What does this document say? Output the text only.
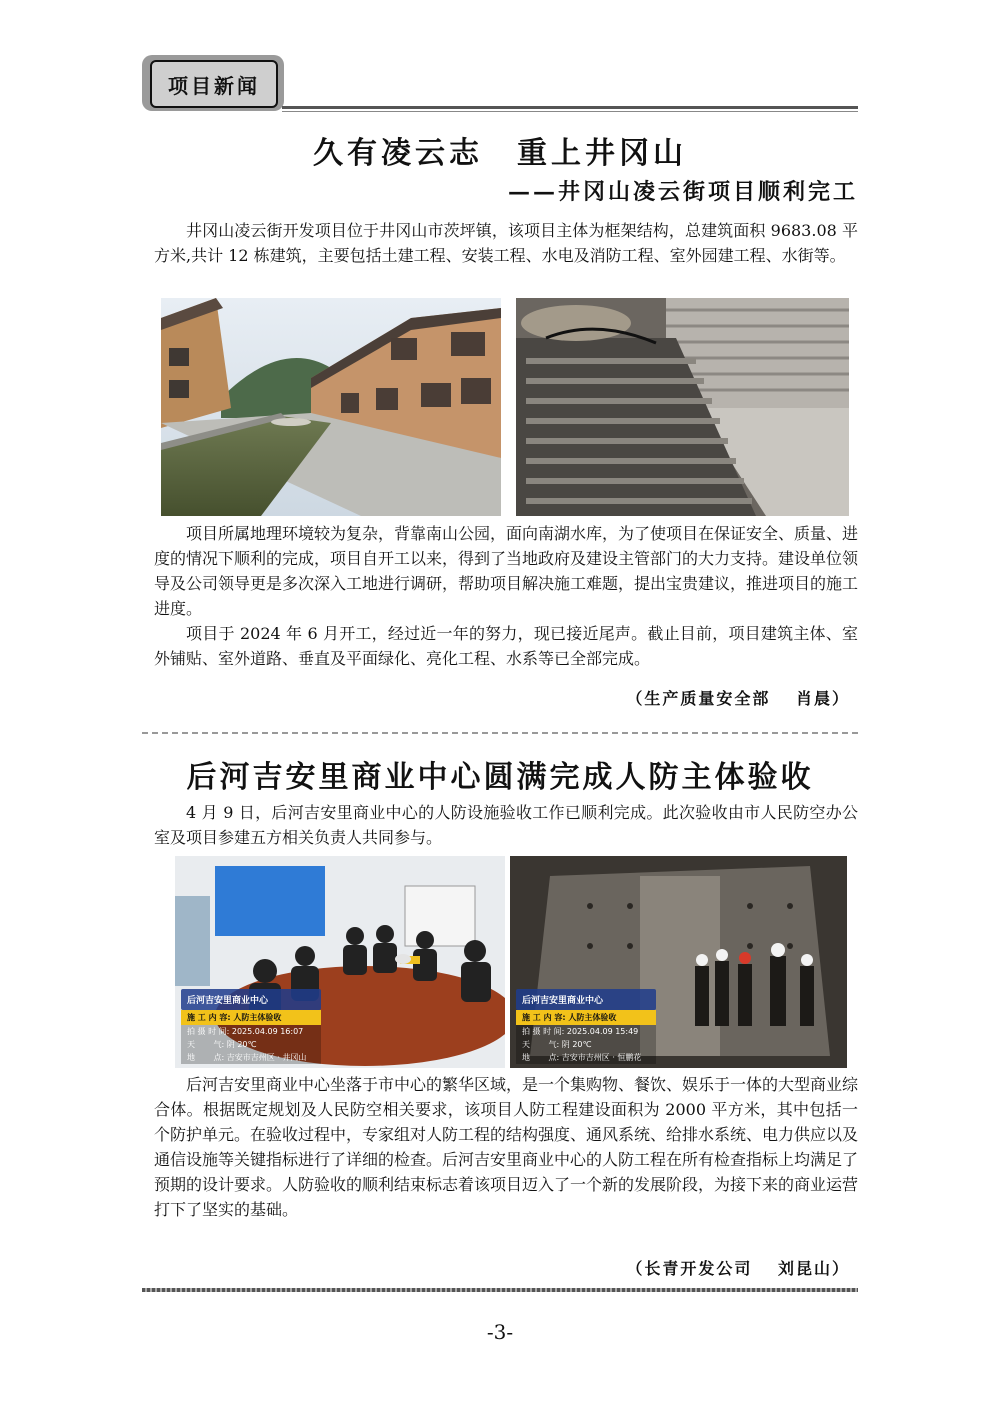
项目新闻
久有凌云志　重上井冈山
——井冈山凌云街项目顺利完工

井冈山凌云街开发项目位于井冈山市茨坪镇，该项目主体为框架结构，总建筑面积 9683.08 平方米,共计 12 栋建筑，主要包括土建工程、安装工程、水电及消防工程、室外园建工程、水街等。

项目所属地理环境较为复杂，背靠南山公园，面向南湖水库，为了使项目在保证安全、质量、进度的情况下顺利的完成，项目自开工以来，得到了当地政府及建设主管部门的大力支持。建设单位领导及公司领导更是多次深入工地进行调研，帮助项目解决施工难题，提出宝贵建议，推进项目的施工进度。

项目于 2024 年 6 月开工，经过近一年的努力，现已接近尾声。截止目前，项目建筑主体、室外铺贴、室外道路、垂直及平面绿化、亮化工程、水系等已全部完成。

（生产质量安全部　 肖晨）
后河吉安里商业中心圆满完成人防主体验收

4 月 9 日，后河吉安里商业中心的人防设施验收工作已顺利完成。此次验收由市人民防空办公室及项目参建五方相关负责人共同参与。

后河吉安里商业中心
施 工 内 容: 人防主体验收
拍 摄 时 间: 2025.04.09 16:07
天　　 气: 阴 20℃
地　　 点: 吉安市吉州区 · 井冈山
后河吉安里商业中心
施 工 内 容: 人防主体验收
拍 摄 时 间: 2025.04.09 15:49
天　　 气: 阴 20℃
地　　 点: 吉安市吉州区 · 恒鹏花

后河吉安里商业中心坐落于市中心的繁华区域，是一个集购物、餐饮、娱乐于一体的大型商业综合体。根据既定规划及人民防空相关要求，该项目人防工程建设面积为 2000 平方米，其中包括一个防护单元。在验收过程中，专家组对人防工程的结构强度、通风系统、给排水系统、电力供应以及通信设施等关键指标进行了详细的检查。后河吉安里商业中心的人防工程在所有检查指标上均满足了预期的设计要求。人防验收的顺利结束标志着该项目迈入了一个新的发展阶段，为接下来的商业运营打下了坚实的基础。

（长青开发公司　 刘昆山）
-3-
